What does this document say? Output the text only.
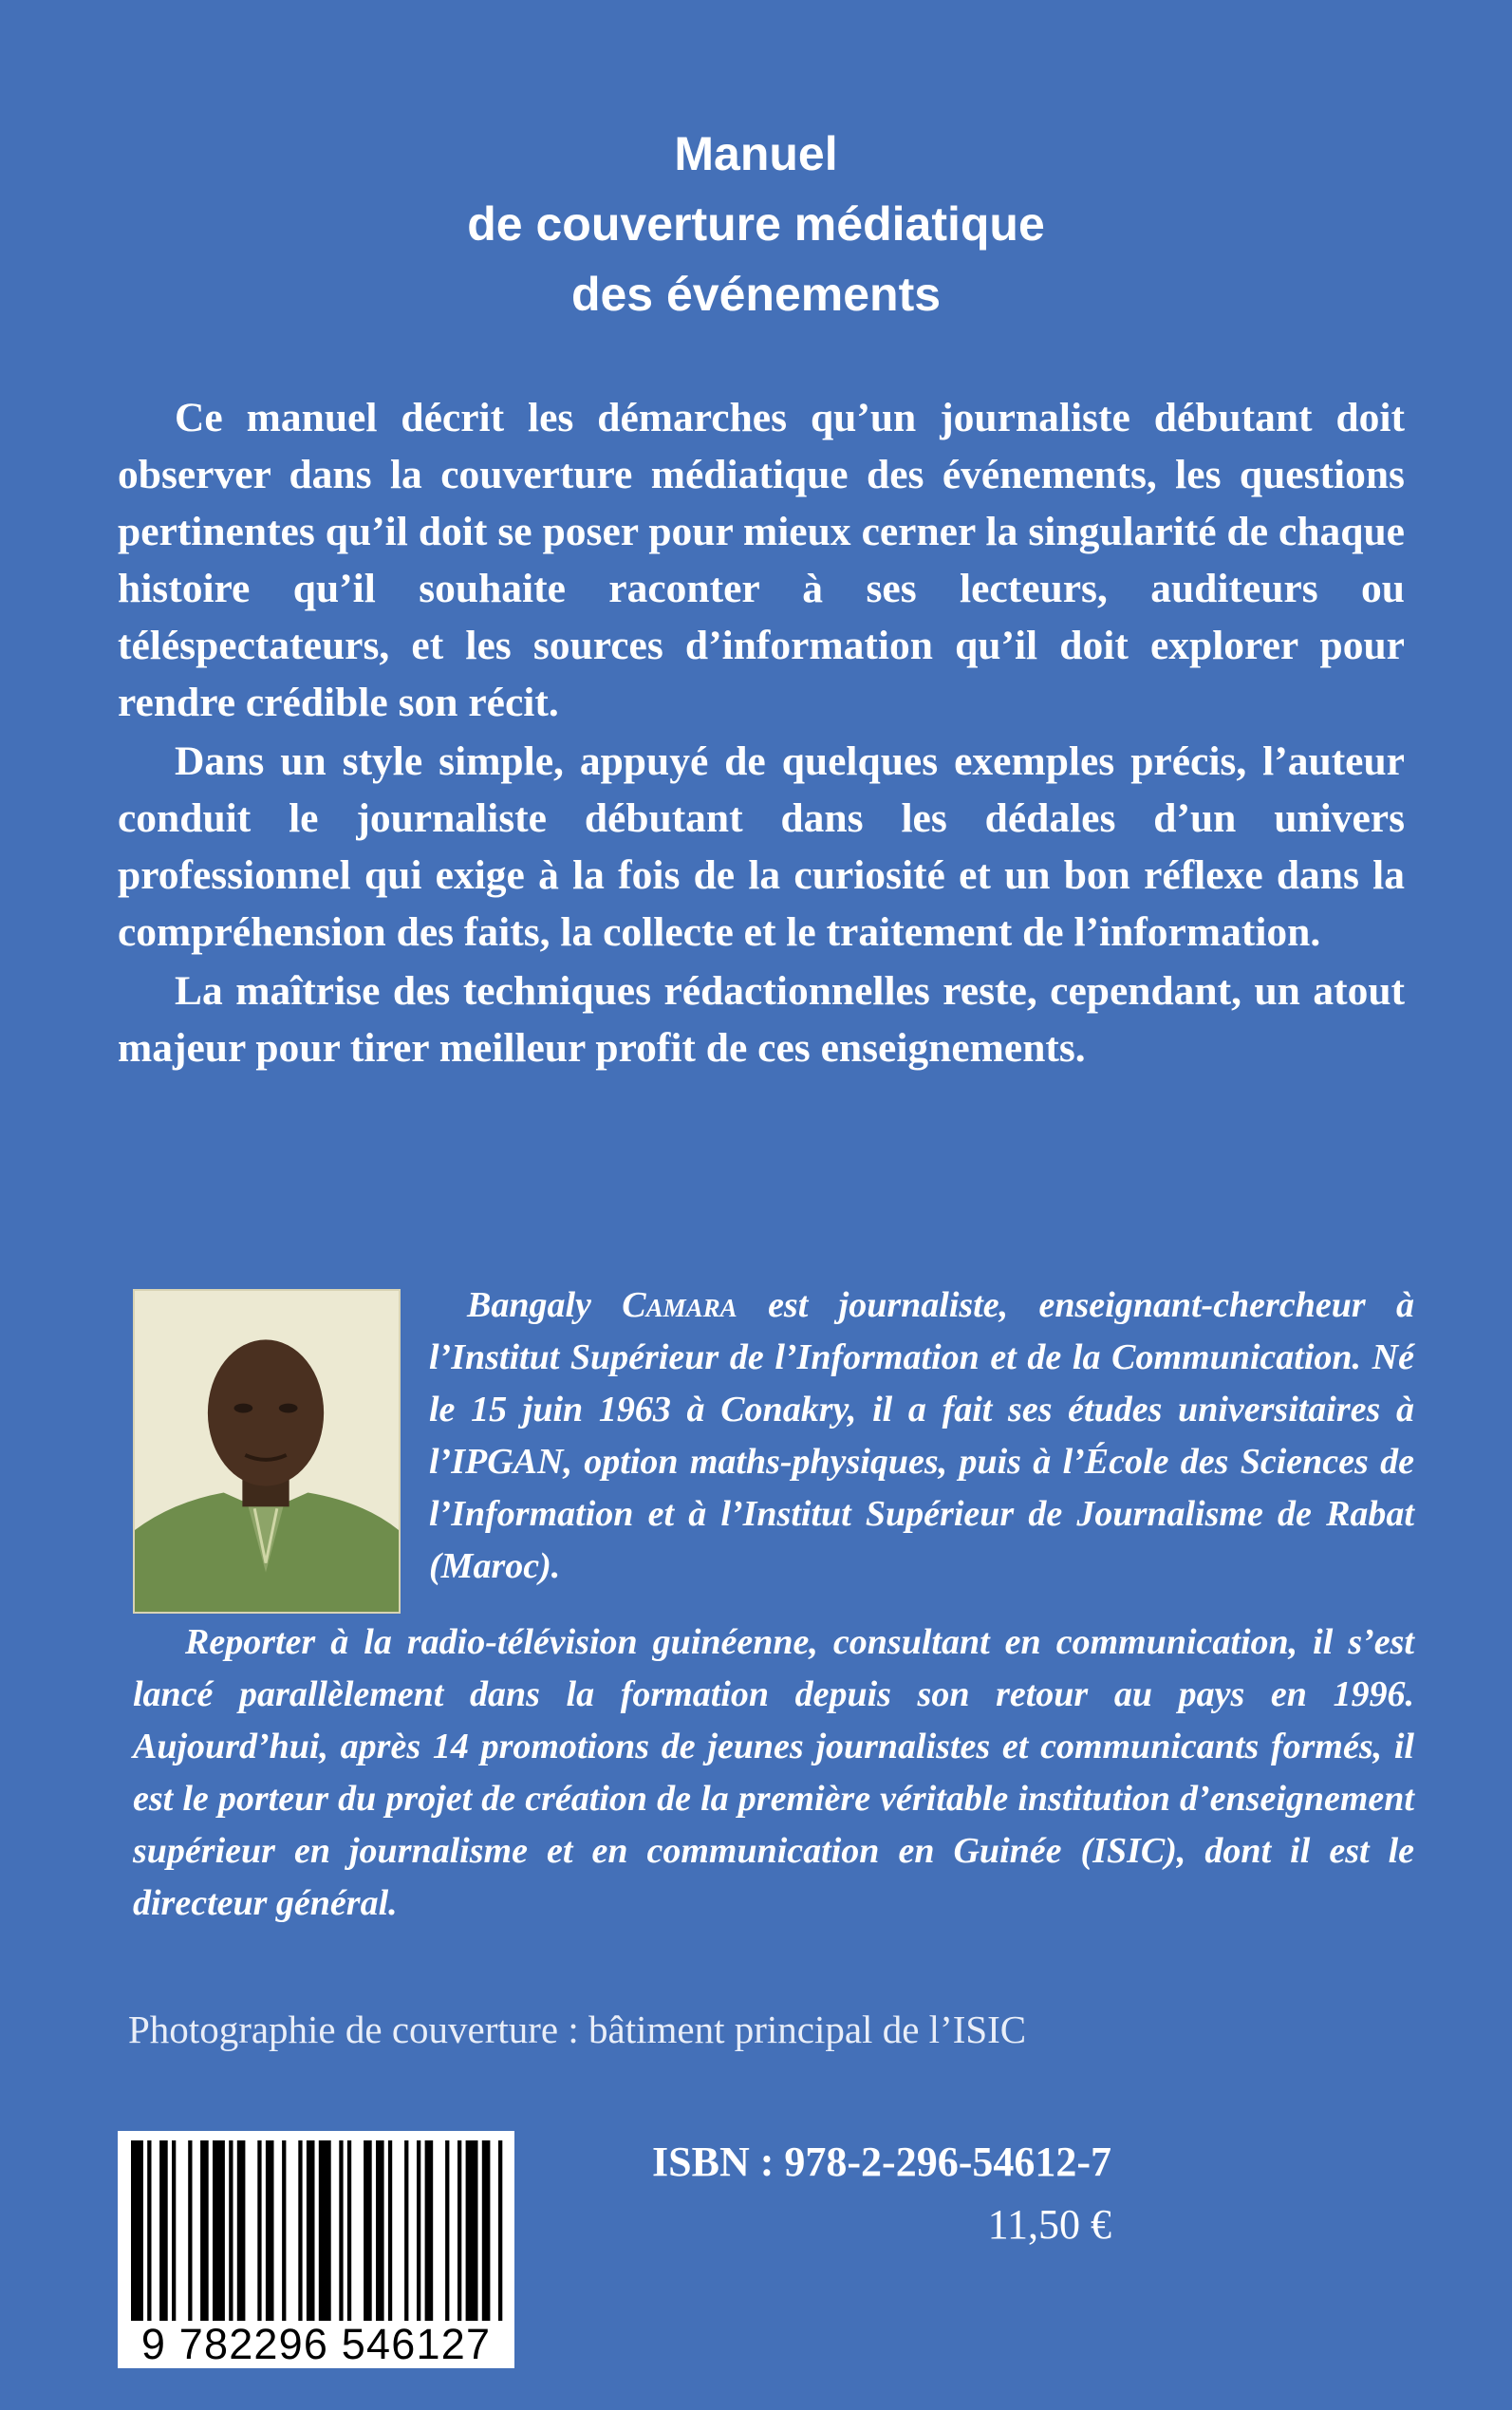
Manuel
de couverture médiatique
des événements

Ce manuel décrit les démarches qu’un journaliste débutant doit observer dans la couverture médiatique des événements, les questions pertinentes qu’il doit se poser pour mieux cerner la singularité de chaque histoire qu’il souhaite raconter à ses lecteurs, auditeurs ou téléspectateurs, et les sources d’information qu’il doit explorer pour rendre crédible son récit.

Dans un style simple, appuyé de quelques exemples précis, l’auteur conduit le journaliste débutant dans les dédales d’un univers professionnel qui exige à la fois de la curiosité et un bon réflexe dans la compréhension des faits, la collecte et le traitement de l’information.

La maîtrise des techniques rédactionnelles reste, cependant, un atout majeur pour tirer meilleur profit de ces enseignements.

Bangaly Camara est journaliste, enseignant-chercheur à l’Institut Supérieur de l’Information et de la Communication. Né le 15 juin 1963 à Conakry, il a fait ses études universitaires à l’IPGAN, option maths-physiques, puis à l’École des Sciences de l’Information et à l’Institut Supérieur de Journalisme de Rabat (Maroc).

Reporter à la radio-télévision guinéenne, consultant en communication, il s’est lancé parallèlement dans la formation depuis son retour au pays en 1996. Aujourd’hui, après 14 promotions de jeunes journalistes et communicants formés, il est le porteur du projet de création de la première véritable institution d’enseignement supérieur en journalisme et en communication en Guinée (ISIC), dont il est le directeur général.

Photographie de couverture : bâtiment principal de l’ISIC
9 782296 546127
ISBN : 978-2-296-54612-7
11,50 €
